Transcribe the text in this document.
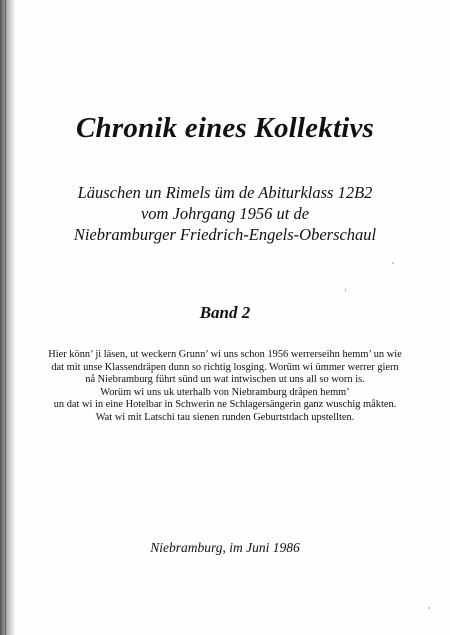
Chronik eines Kollektivs
Läuschen un Rimels üm de Abiturklass 12B2
vom Johrgang 1956 ut de
Niebramburger Friedrich-Engels-Oberschaul
Band 2
Hier könn’ ji läsen, ut weckern Grunn’ wi uns schon 1956 werrerseihn hemm’ un wie
dat mit unse Klassendräpen dunn so richtig losging. Worüm wi ümmer werrer giern
nå Niebramburg führt sünd un wat intwischen ut uns all so worn is.
Worüm wi uns uk uterhalb von Niebramburg dråpen hemm’
un dat wi in eine Hotelbar in Schwerin ne Schlagersängerin ganz wuschig måkten.
Wat wi mit Latschi tau sienen runden Geburtstdach upstellten.
Niebramburg, im Juni 1986
